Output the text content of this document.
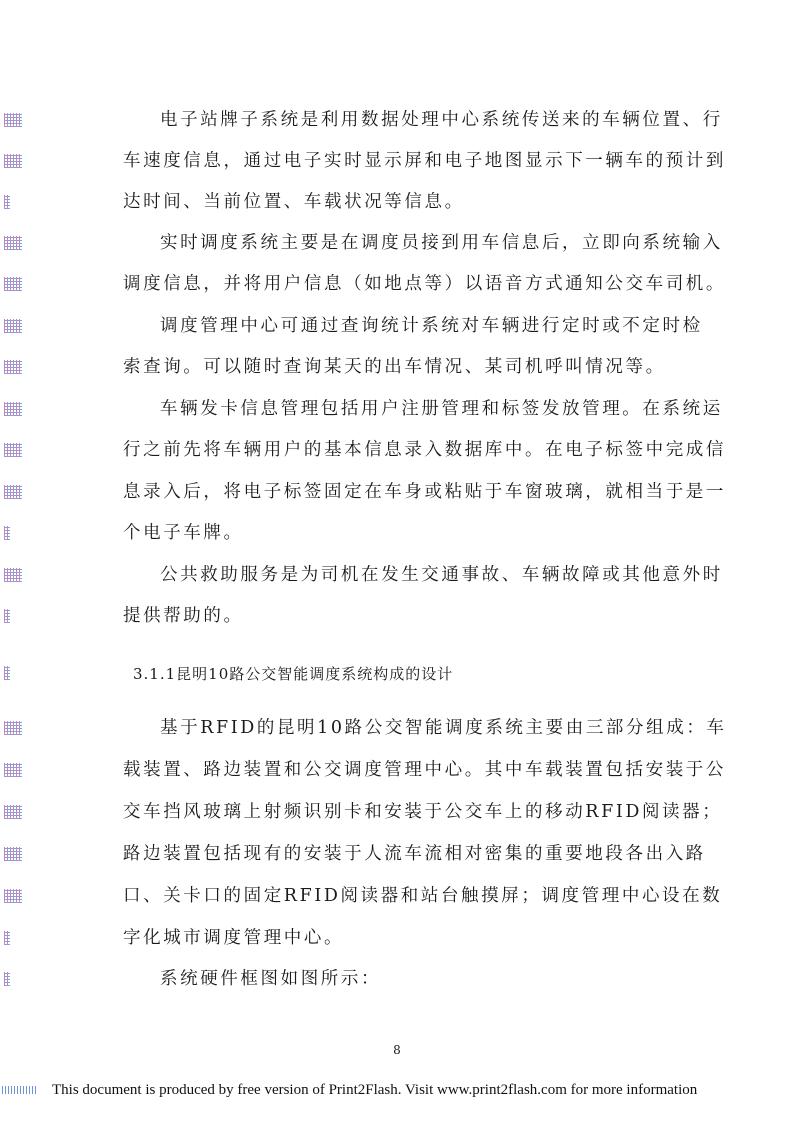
电子站牌子系统是利用数据处理中心系统传送来的车辆位置、行
车速度信息，通过电子实时显示屏和电子地图显示下一辆车的预计到
达时间、当前位置、车载状况等信息。
实时调度系统主要是在调度员接到用车信息后，立即向系统输入
调度信息，并将用户信息（如地点等）以语音方式通知公交车司机。
调度管理中心可通过查询统计系统对车辆进行定时或不定时检
索查询。可以随时查询某天的出车情况、某司机呼叫情况等。
车辆发卡信息管理包括用户注册管理和标签发放管理。在系统运
行之前先将车辆用户的基本信息录入数据库中。在电子标签中完成信
息录入后，将电子标签固定在车身或粘贴于车窗玻璃，就相当于是一
个电子车牌。
公共救助服务是为司机在发生交通事故、车辆故障或其他意外时
提供帮助的。
3.1.1昆明10路公交智能调度系统构成的设计
基于RFID的昆明10路公交智能调度系统主要由三部分组成：车
载装置、路边装置和公交调度管理中心。其中车载装置包括安装于公
交车挡风玻璃上射频识别卡和安装于公交车上的移动RFID阅读器；
路边装置包括现有的安装于人流车流相对密集的重要地段各出入路
口、关卡口的固定RFID阅读器和站台触摸屏；调度管理中心设在数
字化城市调度管理中心。
系统硬件框图如图所示：
8
This document is produced by free version of Print2Flash. Visit www.print2flash.com for more information
